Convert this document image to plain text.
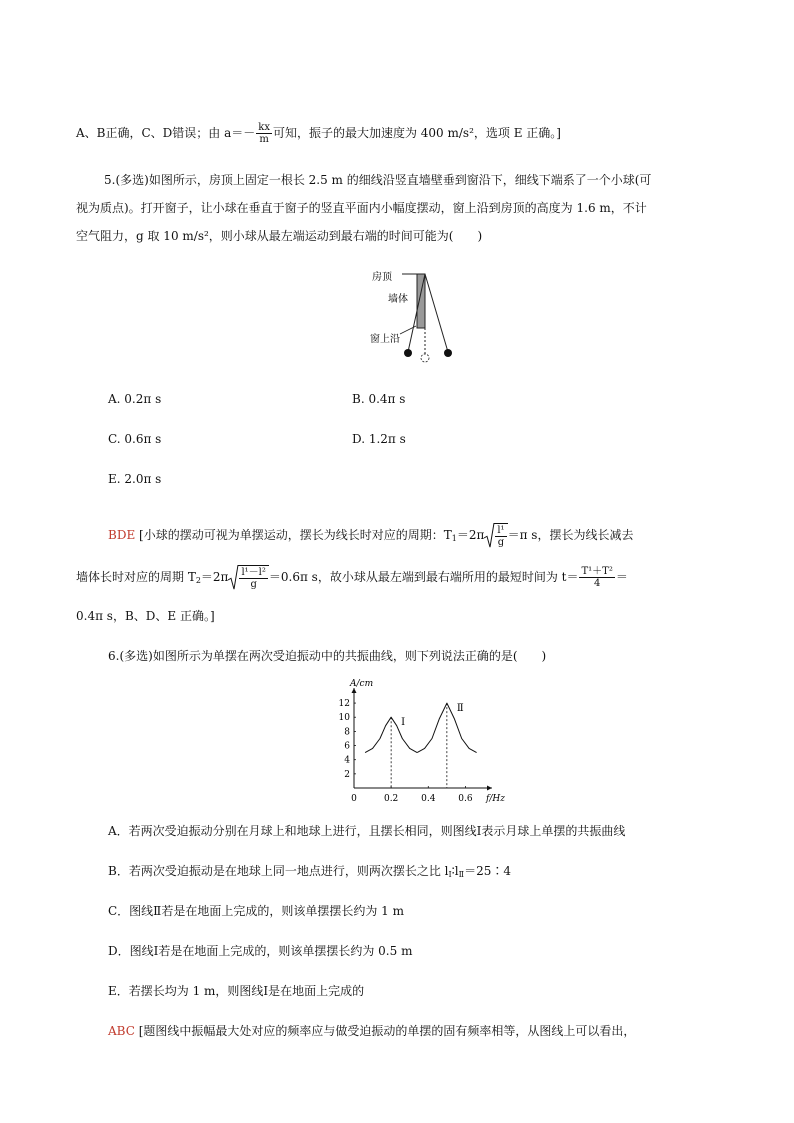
A、B正确，C、D错误；由 $a=- \frac{kx}{m}$ 可知，振子的最大加速度为 400 m/s²，选项 E 正确。]
5.(多选)如图所示，房顶上固定一根长 2.5 m 的细线沿竖直墙壁垂到窗沿下，细线下端系了一个小球(可
视为质点)。打开窗子，让小球在垂直于窗子的竖直平面内小幅度摆动，窗上沿到房顶的高度为 1.6 m，不计
空气阻力，g 取 10 m/s²，则小球从最左端运动到最右端的时间可能为(　　)
房顶
墙体
窗上沿
A. 0.2π s	B. 0.4π s
C. 0.6π s	D. 1.2π s
E. 2.0π s
BDE [小球的摆动可视为单摆运动，摆长为线长时对应的周期：$T_1=2\pi \frac{\text{l¹}}{g} =\pi$ s，摆长为线长减去
墙体长时对应的周期 $T_2=2\pi \frac{\text{l¹－l²}}{g} =0.6\pi$ s，故小球从最左端到最右端所用的最短时间为 $t= \frac{\text{T¹＋T²}}{4}$ ＝
0.4π s，B、D、E 正确。]
6.(多选)如图所示为单摆在两次受迫振动中的共振曲线，则下列说法正确的是(　　)
f/Hz
A/cm
0	0.2	0.4	0.6
2
4
6
8
10
12
Ⅰ
Ⅱ
A．若两次受迫振动分别在月球上和地球上进行，且摆长相同，则图线Ⅰ表示月球上单摆的共振曲线
B．若两次受迫振动是在地球上同一地点进行，则两次摆长之比 $l_Ⅰ∶l_Ⅱ=25∶4$
C．图线Ⅱ若是在地面上完成的，则该单摆摆长约为 1 m
D．图线Ⅰ若是在地面上完成的，则该单摆摆长约为 0.5 m
E．若摆长均为 1 m，则图线Ⅰ是在地面上完成的
ABC [题图线中振幅最大处对应的频率应与做受迫振动的单摆的固有频率相等，从图线上可以看出，
